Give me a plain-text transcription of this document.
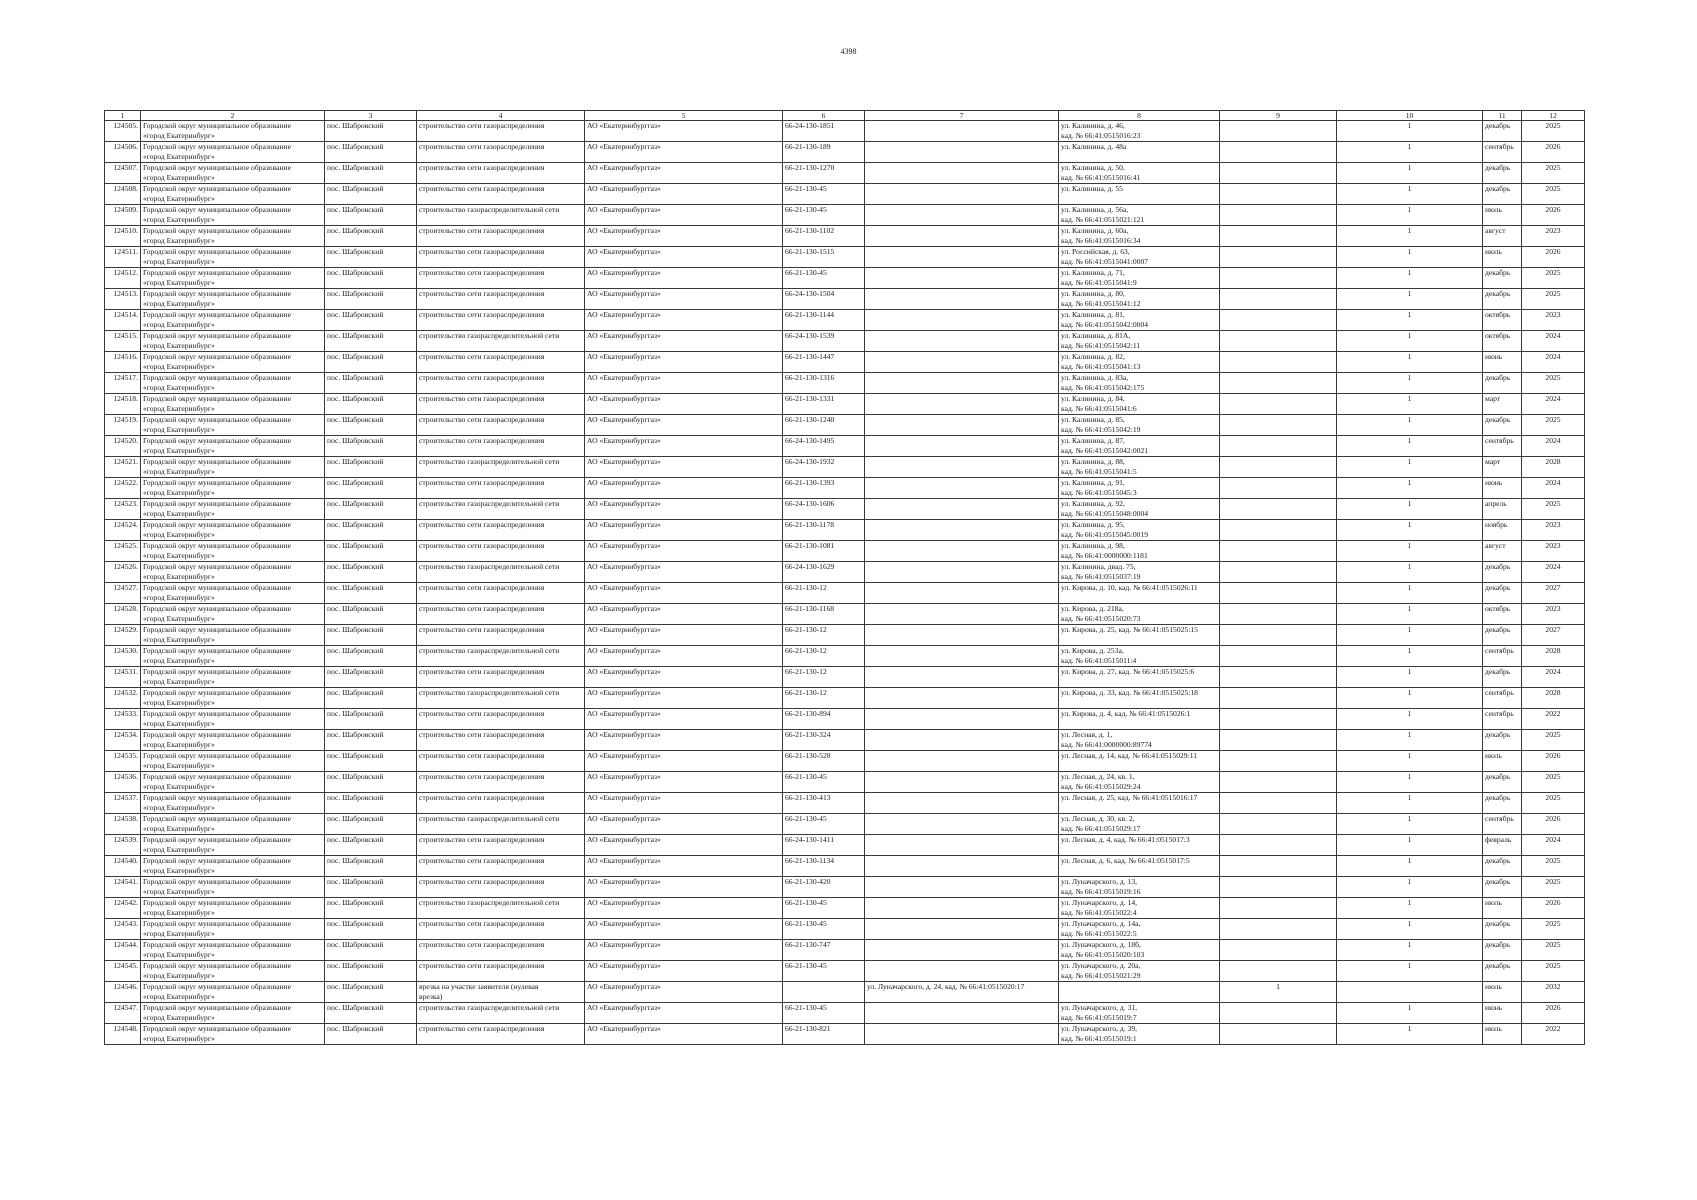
4398
1	2	3	4	5	6	7	8	9	10	11	12

124505.	Городской округ муниципальное образование
«город Екатеринбург»	пос. Шабровский	строительство сети газораспределения	АО «Екатеринбурггаз»	66-24-130-1851		ул. Калинина, д. 46,
кад. № 66:41:0515016:23		1	декабрь	2025

124506.	Городской округ муниципальное образование
«город Екатеринбург»	пос. Шабровский	строительство сети газораспределения	АО «Екатеринбурггаз»	66-21-130-189		ул. Калинина, д. 48а		1	сентябрь	2026

124507.	Городской округ муниципальное образование
«город Екатеринбург»	пос. Шабровский	строительство сети газораспределения	АО «Екатеринбурггаз»	66-21-130-1270		ул. Калинина, д. 50,
кад. № 66:41:0515016:41		1	декабрь	2025

124508.	Городской округ муниципальное образование
«город Екатеринбург»	пос. Шабровский	строительство сети газораспределения	АО «Екатеринбурггаз»	66-21-130-45		ул. Калинина, д. 55		1	декабрь	2025

124509.	Городской округ муниципальное образование
«город Екатеринбург»	пос. Шабровский	строительство газораспределительной сети	АО «Екатеринбурггаз»	66-21-130-45		ул. Калинина, д. 56а,
кад. № 66:41:0515021:121		1	июль	2026

124510.	Городской округ муниципальное образование
«город Екатеринбург»	пос. Шабровский	строительство сети газораспределения	АО «Екатеринбурггаз»	66-21-130-1102		ул. Калинина, д. 60а,
кад. № 66:41:0515016:34		1	август	2023

124511.	Городской округ муниципальное образование
«город Екатеринбург»	пос. Шабровский	строительство сети газораспределения	АО «Екатеринбурггаз»	66-21-130-1515		ул. Российская, д. 63,
кад. № 66:41:0515041:0007		1	июль	2026

124512.	Городской округ муниципальное образование
«город Екатеринбург»	пос. Шабровский	строительство сети газораспределения	АО «Екатеринбурггаз»	66-21-130-45		ул. Калинина, д. 71,
кад. № 66:41:0515041:9		1	декабрь	2025

124513.	Городской округ муниципальное образование
«город Екатеринбург»	пос. Шабровский	строительство сети газораспределения	АО «Екатеринбурггаз»	66-24-130-1504		ул. Калинина, д. 80,
кад. № 66:41:0515041:12		1	декабрь	2025

124514.	Городской округ муниципальное образование
«город Екатеринбург»	пос. Шабровский	строительство сети газораспределения	АО «Екатеринбурггаз»	66-21-130-1144		ул. Калинина, д. 81,
кад. № 66:41:0515042:0004		1	октябрь	2023

124515.	Городской округ муниципальное образование
«город Екатеринбург»	пос. Шабровский	строительство газораспределительной сети	АО «Екатеринбурггаз»	66-24-130-1539		ул. Калинина, д. 81А,
кад. № 66:41:0515042:11		1	октябрь	2024

124516.	Городской округ муниципальное образование
«город Екатеринбург»	пос. Шабровский	строительство сети газораспределения	АО «Екатеринбурггаз»	66-21-130-1447		ул. Калинина, д. 82,
кад. № 66:41:0515041:13		1	июнь	2024

124517.	Городской округ муниципальное образование
«город Екатеринбург»	пос. Шабровский	строительство сети газораспределения	АО «Екатеринбурггаз»	66-21-130-1316		ул. Калинина, д. 83а,
кад. № 66:41:0515042:175		1	декабрь	2025

124518.	Городской округ муниципальное образование
«город Екатеринбург»	пос. Шабровский	строительство сети газораспределения	АО «Екатеринбурггаз»	66-21-130-1331		ул. Калинина, д. 84,
кад. № 66:41:0515041:6		1	март	2024

124519.	Городской округ муниципальное образование
«город Екатеринбург»	пос. Шабровский	строительство сети газораспределения	АО «Екатеринбурггаз»	66-21-130-1240		ул. Калинина, д. 85,
кад. № 66:41:0515042:19		1	декабрь	2025

124520.	Городской округ муниципальное образование
«город Екатеринбург»	пос. Шабровский	строительство сети газораспределения	АО «Екатеринбурггаз»	66-24-130-1495		ул. Калинина, д. 87,
кад. № 66:41:0515042:0021		1	сентябрь	2024

124521.	Городской округ муниципальное образование
«город Екатеринбург»	пос. Шабровский	строительство газораспределительной сети	АО «Екатеринбурггаз»	66-24-130-1932		ул. Калинина, д. 88,
кад. № 66:41:0515041:5		1	март	2028

124522.	Городской округ муниципальное образование
«город Екатеринбург»	пос. Шабровский	строительство сети газораспределения	АО «Екатеринбурггаз»	66-21-130-1393		ул. Калинина, д. 91,
кад. № 66:41:0515045:3		1	июнь	2024

124523.	Городской округ муниципальное образование
«город Екатеринбург»	пос. Шабровский	строительство газораспределительной сети	АО «Екатеринбурггаз»	66-24-130-1606		ул. Калинина, д. 92,
кад. № 66:41:0515048:0004		1	апрель	2025

124524.	Городской округ муниципальное образование
«город Екатеринбург»	пос. Шабровский	строительство сети газораспределения	АО «Екатеринбурггаз»	66-21-130-1178		ул. Калинина, д. 95,
кад. № 66:41:0515045:0019		1	ноябрь	2023

124525.	Городской округ муниципальное образование
«город Екатеринбург»	пос. Шабровский	строительство сети газораспределения	АО «Екатеринбурггаз»	66-21-130-1081		ул. Калинина, д. 98,
кад. № 66:41:0000000:1181		1	август	2023

124526.	Городской округ муниципальное образование
«город Екатеринбург»	пос. Шабровский	строительство газораспределительной сети	АО «Екатеринбурггаз»	66-24-130-1629		ул. Калинина, двад. 75,
кад. № 66:41:0515037:19		1	декабрь	2024

124527.	Городской округ муниципальное образование
«город Екатеринбург»	пос. Шабровский	строительство сети газораспределения	АО «Екатеринбурггаз»	66-21-130-12		ул. Кирова, д. 10, кад. № 66:41:0515026:11		1	декабрь	2027

124528.	Городской округ муниципальное образование
«город Екатеринбург»	пос. Шабровский	строительство сети газораспределения	АО «Екатеринбурггаз»	66-21-130-1168		ул. Кирова, д. 218а,
кад. № 66:41:0515020:73		1	октябрь	2023

124529.	Городской округ муниципальное образование
«город Екатеринбург»	пос. Шабровский	строительство сети газораспределения	АО «Екатеринбурггаз»	66-21-130-12		ул. Кирова, д. 25, кад. № 66:41:0515025:15		1	декабрь	2027

124530.	Городской округ муниципальное образование
«город Екатеринбург»	пос. Шабровский	строительство газораспределительной сети	АО «Екатеринбурггаз»	66-21-130-12		ул. Кирова, д. 253а,
кад. № 66:41:0515011:4		1	сентябрь	2028

124531.	Городской округ муниципальное образование
«город Екатеринбург»	пос. Шабровский	строительство сети газораспределения	АО «Екатеринбурггаз»	66-21-130-12		ул. Кирова, д. 27, кад. № 66:41:0515025:6		1	декабрь	2024

124532.	Городской округ муниципальное образование
«город Екатеринбург»	пос. Шабровский	строительство газораспределительной сети	АО «Екатеринбурггаз»	66-21-130-12		ул. Кирова, д. 33, кад. № 66:41:0515025:18		1	сентябрь	2028

124533.	Городской округ муниципальное образование
«город Екатеринбург»	пос. Шабровский	строительство сети газораспределения	АО «Екатеринбурггаз»	66-21-130-894		ул. Кирова, д. 4, кад. № 66:41:0515026:1		1	сентябрь	2022

124534.	Городской округ муниципальное образование
«город Екатеринбург»	пос. Шабровский	строительство сети газораспределения	АО «Екатеринбурггаз»	66-21-130-324		ул. Лесная, д. 1,
кад. № 66:41:0000000:89774		1	декабрь	2025

124535.	Городской округ муниципальное образование
«город Екатеринбург»	пос. Шабровский	строительство сети газораспределения	АО «Екатеринбурггаз»	66-21-130-528		ул. Лесная, д. 14, кад. № 66:41:0515029:11		1	июль	2026

124536.	Городской округ муниципальное образование
«город Екатеринбург»	пос. Шабровский	строительство сети газораспределения	АО «Екатеринбурггаз»	66-21-130-45		ул. Лесная, д. 24, кв. 1,
кад. № 66:41:0515029:24		1	декабрь	2025

124537.	Городской округ муниципальное образование
«город Екатеринбург»	пос. Шабровский	строительство сети газораспределения	АО «Екатеринбурггаз»	66-21-130-413		ул. Лесная, д. 25, кад. № 66:41:0515016:17		1	декабрь	2025

124538.	Городской округ муниципальное образование
«город Екатеринбург»	пос. Шабровский	строительство газораспределительной сети	АО «Екатеринбурггаз»	66-21-130-45		ул. Лесная, д. 30, кв. 2,
кад. № 66:41:0515029:17		1	сентябрь	2026

124539.	Городской округ муниципальное образование
«город Екатеринбург»	пос. Шабровский	строительство сети газораспределения	АО «Екатеринбурггаз»	66-24-130-1411		ул. Лесная, д. 4, кад. № 66:41:0515017:3		1	февраль	2024

124540.	Городской округ муниципальное образование
«город Екатеринбург»	пос. Шабровский	строительство сети газораспределения	АО «Екатеринбурггаз»	66-21-130-1134		ул. Лесная, д. 6, кад. № 66:41:0515017:5		1	декабрь	2025

124541.	Городской округ муниципальное образование
«город Екатеринбург»	пос. Шабровский	строительство сети газораспределения	АО «Екатеринбурггаз»	66-21-130-420		ул. Луначарского, д. 13,
кад. № 66:41:0515019:16		1	декабрь	2025

124542.	Городской округ муниципальное образование
«город Екатеринбург»	пос. Шабровский	строительство газораспределительной сети	АО «Екатеринбурггаз»	66-21-130-45		ул. Луначарского, д. 14,
кад. № 66:41:0515022:4		1	июль	2026

124543.	Городской округ муниципальное образование
«город Екатеринбург»	пос. Шабровский	строительство сети газораспределения	АО «Екатеринбурггаз»	66-21-130-45		ул. Луначарского, д. 14а,
кад. № 66:41:0515022:5		1	декабрь	2025

124544.	Городской округ муниципальное образование
«город Екатеринбург»	пос. Шабровский	строительство сети газораспределения	АО «Екатеринбурггаз»	66-21-130-747		ул. Луначарского, д. 18б,
кад. № 66:41:0515020:103		1	декабрь	2025

124545.	Городской округ муниципальное образование
«город Екатеринбург»	пос. Шабровский	строительство сети газораспределения	АО «Екатеринбурггаз»	66-21-130-45		ул. Луначарского, д. 20а,
кад. № 66:41:0515021:29		1	декабрь	2025

124546.	Городской округ муниципальное образование
«город Екатеринбург»	пос. Шабровский	врезка на участке заявителя (нулевая
врезка)	АО «Екатеринбурггаз»		ул. Луначарского, д. 24, кад. № 66:41:0515020:17		1		июль	2032

124547.	Городской округ муниципальное образование
«город Екатеринбург»	пос. Шабровский	строительство газораспределительной сети	АО «Екатеринбурггаз»	66-21-130-45		ул. Луначарского, д. 31,
кад. № 66:41:0515019:7		1	июнь	2026

124548.	Городской округ муниципальное образование
«город Екатеринбург»	пос. Шабровский	строительство сети газораспределения	АО «Екатеринбурггаз»	66-21-130-821		ул. Луначарского, д. 39,
кад. № 66:41:0515019:1		1	июль	2022
